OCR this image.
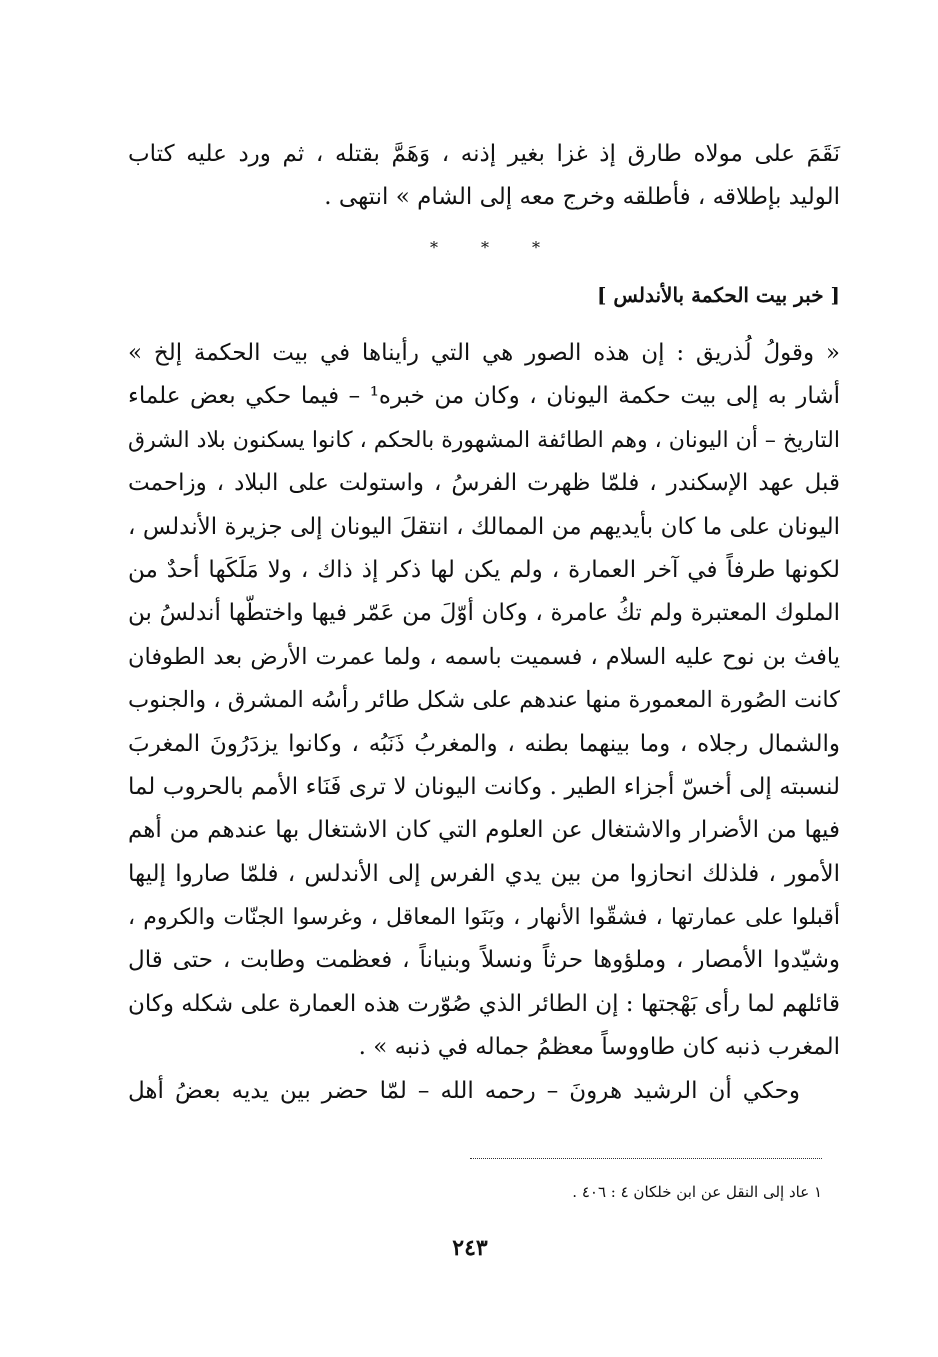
نَقَمَ على مولاه طارق إذ غزا بغير إذنه ، وَهَمَّ بقتله ، ثم ورد عليه كتاب
الوليد بإطلاقه ، فأطلقه وخرج معه إلى الشام » انتهى .
*	*	*
[ خبر بيت الحكمة بالأندلس ]
« وقولُ لُذريق : إن هذه الصور هي التي رأيناها في بيت الحكمة إلخ »
أشار به إلى بيت حكمة اليونان ، وكان من خبره¹ – فيما حكي بعض علماء
التاريخ – أن اليونان ، وهم الطائفة المشهورة بالحكم ، كانوا يسكنون بلاد الشرق
قبل عهد الإسكندر ، فلمّا ظهرت الفرسُ ، واستولت على البلاد ، وزاحمت
اليونان على ما كان بأيديهم من الممالك ، انتقلَ اليونان إلى جزيرة الأندلس ،
لكونها طرفاً في آخر العمارة ، ولم يكن لها ذكر إذ ذاك ، ولا مَلَكَها أحدٌ من
الملوك المعتبرة ولم تكُ عامرة ، وكان أوّلَ من عَمّر فيها واختطّها أندلسُ بن
يافث بن نوح عليه السلام ، فسميت باسمه ، ولما عمرت الأرض بعد الطوفان
كانت الصُورة المعمورة منها عندهم على شكل طائر رأسُه المشرق ، والجنوب
والشمال رجلاه ، وما بينهما بطنه ، والمغربُ ذَنَبُه ، وكانوا يزدَرُونَ المغربَ
لنسبته إلى أخسّ أجزاء الطير . وكانت اليونان لا ترى فَنَاء الأمم بالحروب لما
فيها من الأضرار والاشتغال عن العلوم التي كان الاشتغال بها عندهم من أهم
الأمور ، فلذلك انحازوا من بين يدي الفرس إلى الأندلس ، فلمّا صاروا إليها
أقبلوا على عمارتها ، فشقّوا الأنهار ، وبَنَوا المعاقل ، وغرسوا الجنّات والكروم ،
وشيّدوا الأمصار ، وملؤوها حرثاً ونسلاً وبنياناً ، فعظمت وطابت ، حتى قال
قائلهم لما رأى بَهْجتها : إن الطائر الذي صُوّرت هذه العمارة على شكله وكان
المغرب ذنبه كان طاووساً معظمُ جماله في ذنبه » .
وحكي أن الرشيد هرونَ – رحمه الله – لمّا حضر بين يديه بعضُ أهل
١ عاد إلى النقل عن ابن خلكان ٤ : ٤٠٦ .
٢٤٣
